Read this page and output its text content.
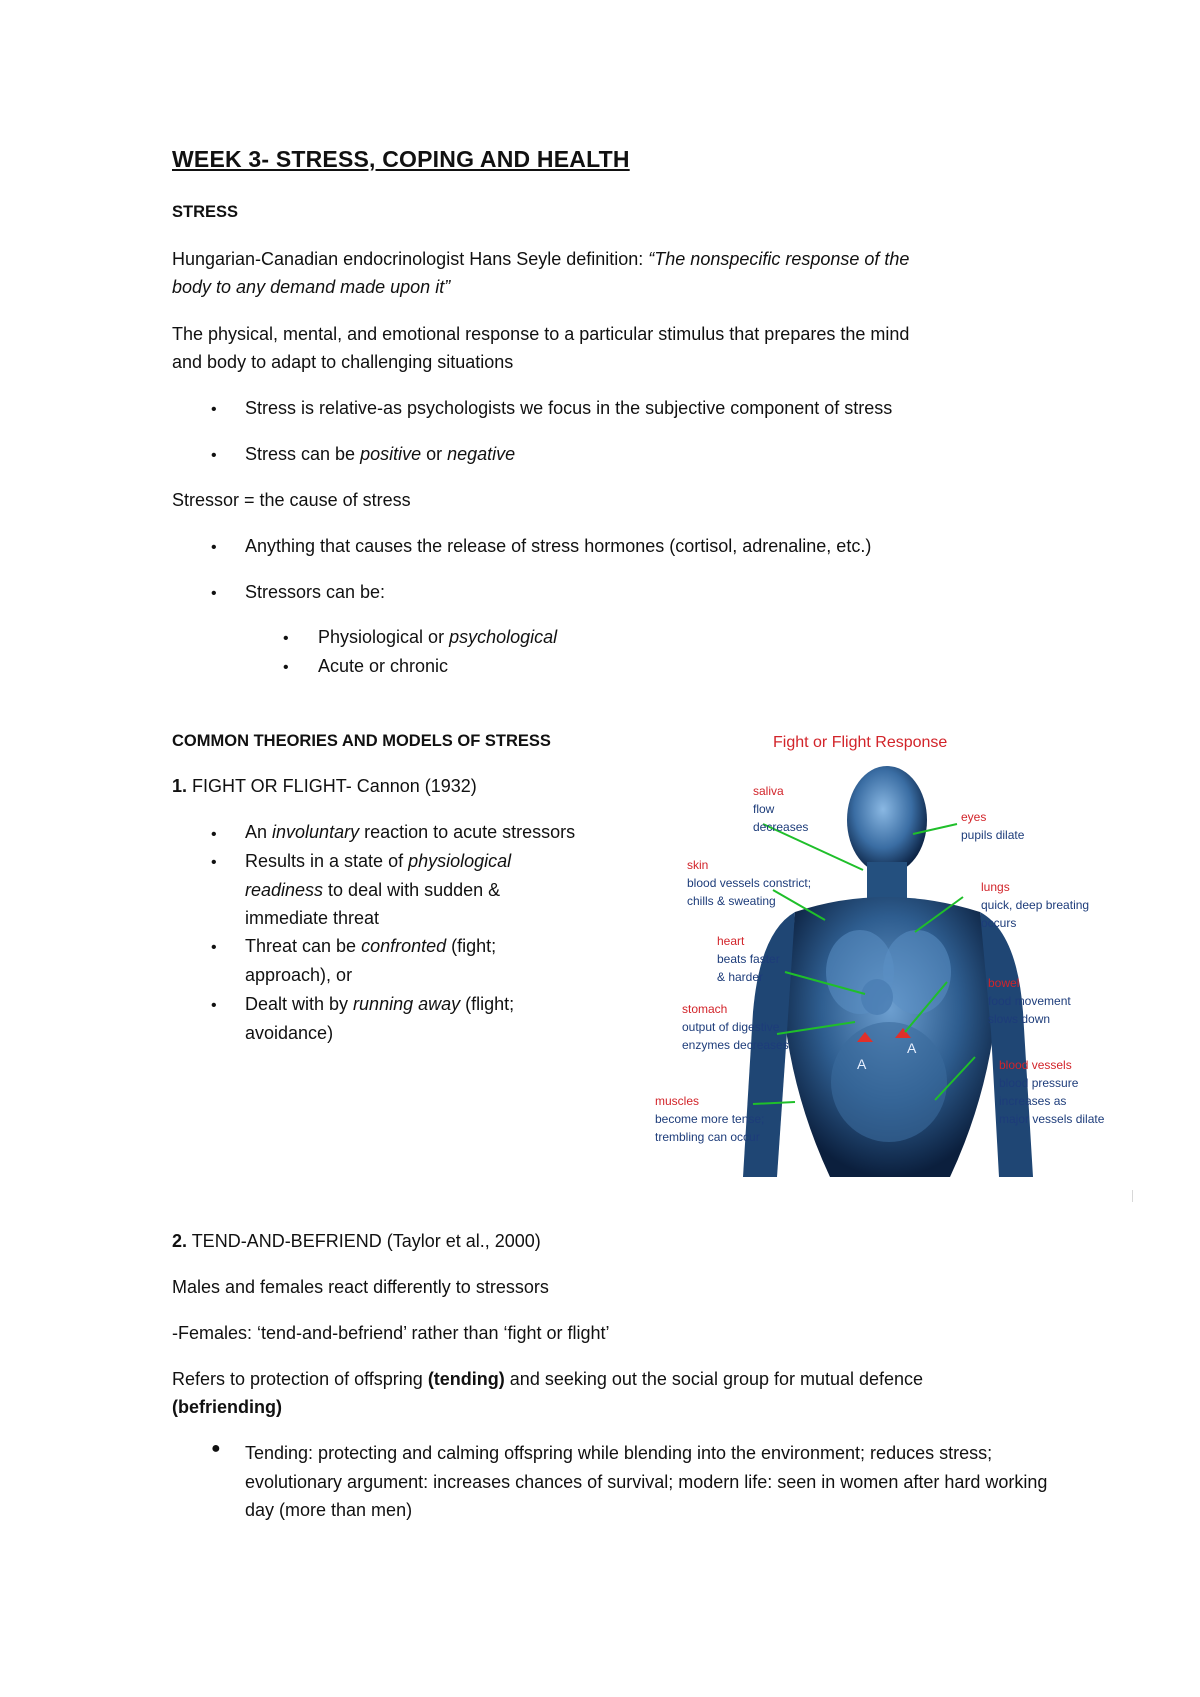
WEEK 3- STRESS, COPING AND HEALTH
STRESS
Hungarian-Canadian endocrinologist Hans Seyle definition: “The nonspecific response of the
body to any demand made upon it”
The physical, mental, and emotional response to a particular stimulus that prepares the mind
and body to adapt to challenging situations
• Stress is relative-as psychologists we focus in the subjective component of stress
• Stress can be positive or negative
Stressor = the cause of stress
• Anything that causes the release of stress hormones (cortisol, adrenaline, etc.)
• Stressors can be:
• Physiological or psychological
• Acute or chronic
COMMON THEORIES AND MODELS OF STRESS
1. FIGHT OR FLIGHT- Cannon (1932)
• An involuntary reaction to acute stressors
• Results in a state of physiological readiness to deal with sudden & immediate threat
• Threat can be confronted (fight; approach), or
• Dealt with by running away (flight; avoidance)
A
A
Fight or Flight Response
saliva
flow
decreases
eyes
pupils dilate
skin
blood vessels constrict;
chills & sweating
lungs
quick, deep breating
occurs
heart
beats faster
& harder	bowel
food movement
slows down
stomach
output of digestive
enzymes decreases
blood vessels
blood pressure
increases as
major vessels dilate
muscles
become more tense;
trembling can occur
2. TEND-AND-BEFRIEND (Taylor et al., 2000)
Males and females react differently to stressors
-Females: ‘tend-and-befriend’ rather than ‘fight or flight’
Refers to protection of offspring (tending) and seeking out the social group for mutual defence
(befriending)
● Tending: protecting and calming offspring while blending into the environment; reduces stress; evolutionary argument: increases chances of survival; modern life: seen in women after hard working day (more than men)
